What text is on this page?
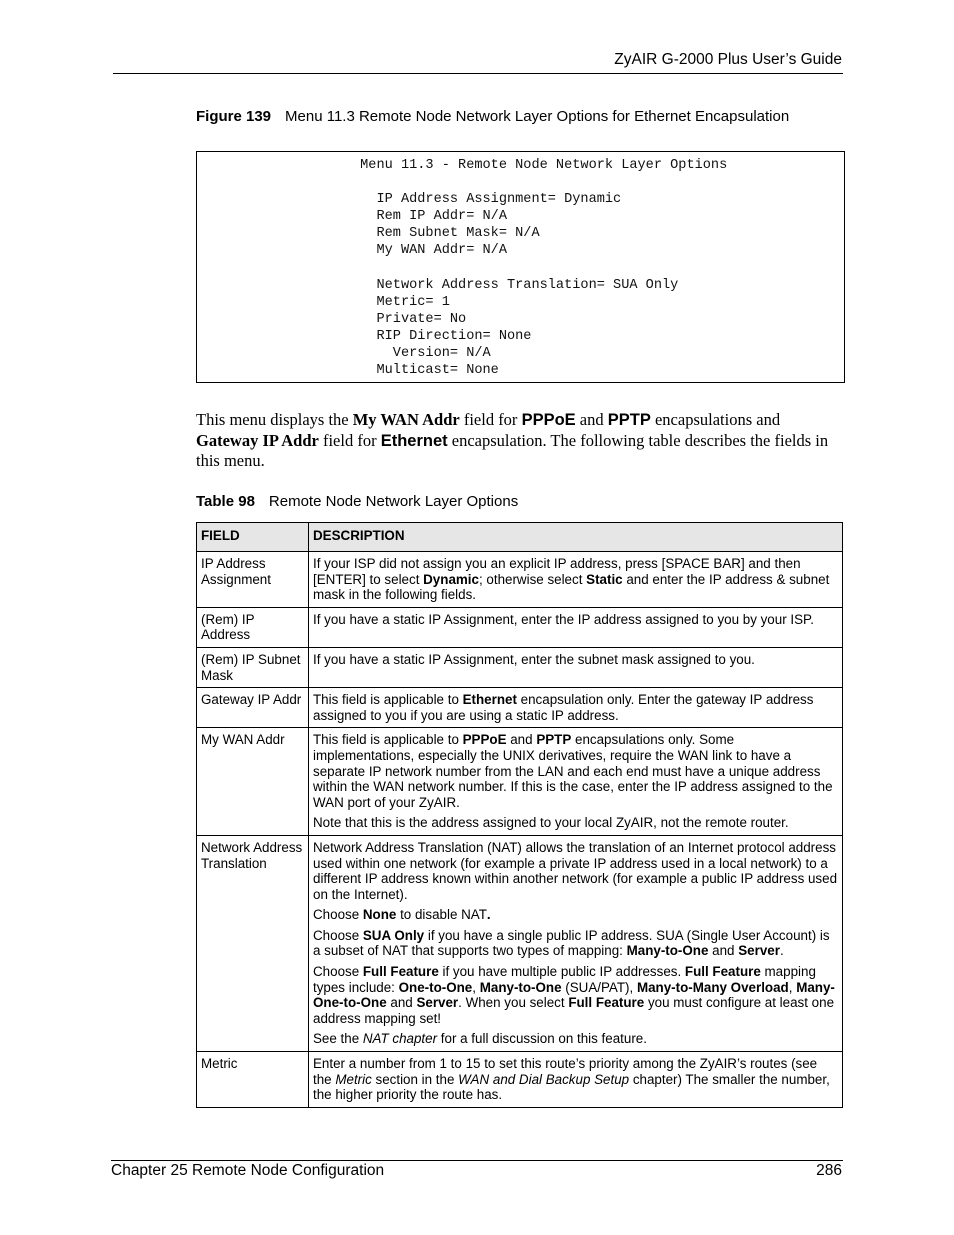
ZyAIR G-2000 Plus User’s Guide
Figure 139 Menu 11.3 Remote Node Network Layer Options for Ethernet Encapsulation
Menu 11.3 - Remote Node Network Layer Options

IP Address Assignment= Dynamic
Rem IP Addr= N/A
Rem Subnet Mask= N/A
My WAN Addr= N/A

Network Address Translation= SUA Only
Metric= 1
Private= No
RIP Direction= None
Version= N/A
Multicast= None
This menu displays the My WAN Addr field for PPPoE and PPTP encapsulations and Gateway IP Addr field for Ethernet encapsulation. The following table describes the fields in this menu.
Table 98 Remote Node Network Layer Options
FIELD	DESCRIPTION
IP Address Assignment	If your ISP did not assign you an explicit IP address, press [SPACE BAR] and then [ENTER] to select Dynamic; otherwise select Static and enter the IP address & subnet mask in the following fields.

(Rem) IP Address	If you have a static IP Assignment, enter the IP address assigned to you by your ISP.

(Rem) IP Subnet Mask	If you have a static IP Assignment, enter the subnet mask assigned to you.

Gateway IP Addr	This field is applicable to Ethernet encapsulation only. Enter the gateway IP address assigned to you if you are using a static IP address.

My WAN Addr	This field is applicable to PPPoE and PPTP encapsulations only. Some implementations, especially the UNIX derivatives, require the WAN link to have a separate IP network number from the LAN and each end must have a unique address within the WAN network number. If this is the case, enter the IP address assigned to the WAN port of your ZyAIR.

Note that this is the address assigned to your local ZyAIR, not the remote router.

Network Address Translation	Network Address Translation (NAT) allows the translation of an Internet protocol address used within one network (for example a private IP address used in a local network) to a different IP address known within another network (for example a public IP address used on the Internet).

Choose None to disable NAT.

Choose SUA Only if you have a single public IP address. SUA (Single User Account) is a subset of NAT that supports two types of mapping: Many-to-One and Server.

Choose Full Feature if you have multiple public IP addresses. Full Feature mapping types include: One-to-One, Many-to-One (SUA/PAT), Many-to-Many Overload, Many- One-to-One and Server. When you select Full Feature you must configure at least one address mapping set!

See the NAT chapter for a full discussion on this feature.

Metric	Enter a number from 1 to 15 to set this route’s priority among the ZyAIR’s routes (see the Metric section in the WAN and Dial Backup Setup chapter) The smaller the number, the higher priority the route has.

Chapter 25 Remote Node Configuration	286
